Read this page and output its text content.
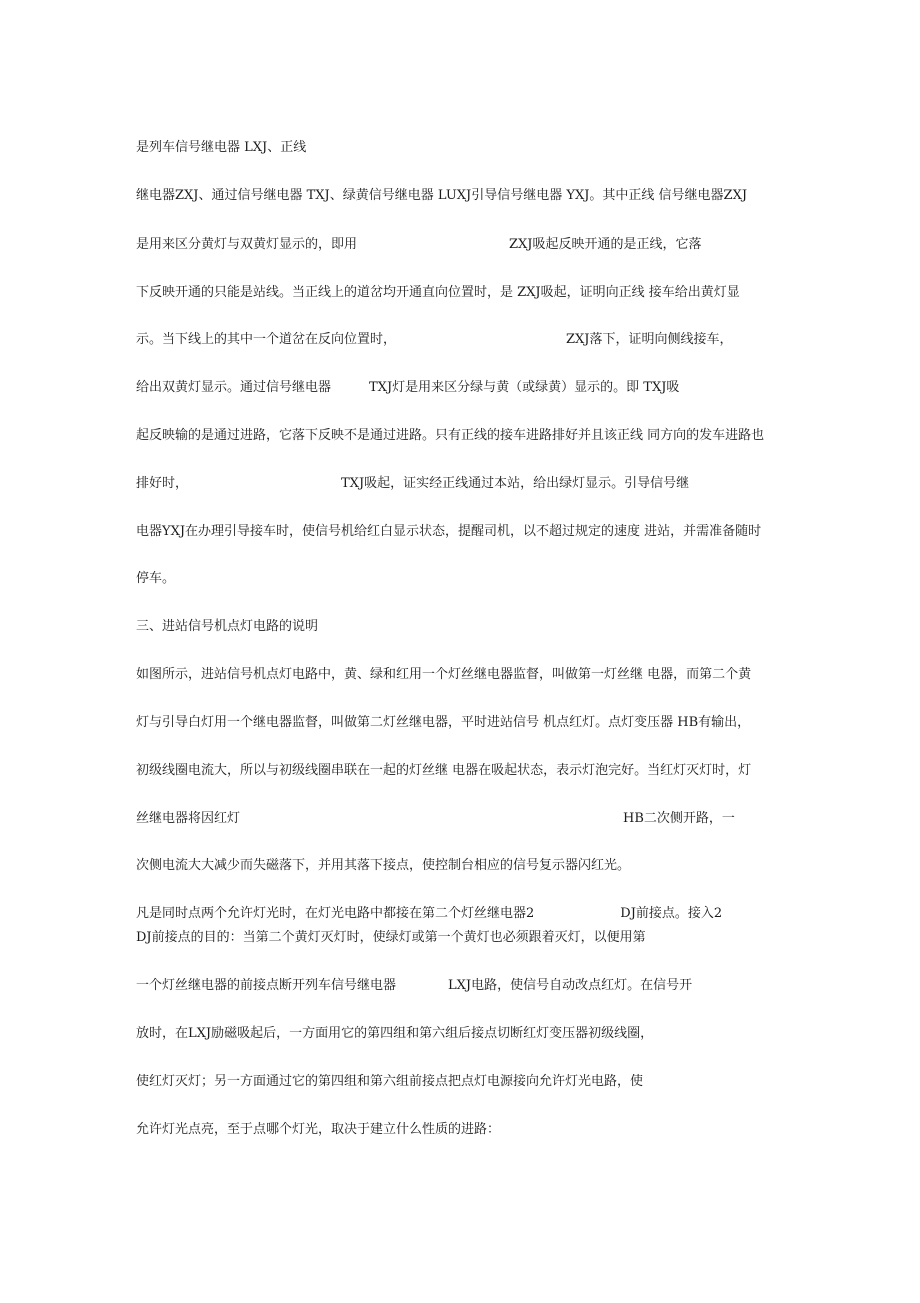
是列车信号继电器 LXJ、正线

继电器ZXJ、通过信号继电器 TXJ、绿黄信号继电器 LUXJ引导信号继电器 YXJ。其中正线 信号继电器ZXJ

是用来区分黄灯与双黄灯显示的，即用	ZXJ吸起反映开通的是正线，它落

下反映开通的只能是站线。当正线上的道岔均开通直向位置时，是 ZXJ吸起，证明向正线 接车给出黄灯显

示。当下线上的其中一个道岔在反向位置时，	ZXJ落下，证明向侧线接车，

给出双黄灯显示。通过信号继电器	TXJ灯是用来区分绿与黄（或绿黄）显示的。即 TXJ吸

起反映输的是通过进路，它落下反映不是通过进路。只有正线的接车进路排好并且该正线 同方向的发车进路也

排好时，	TXJ吸起，证实经正线通过本站，给出绿灯显示。引导信号继

电器YXJ在办理引导接车时，使信号机给红白显示状态，提醒司机，以不超过规定的速度 进站，并需准备随时

停车。

三、进站信号机点灯电路的说明

如图所示，进站信号机点灯电路中，黄、绿和红用一个灯丝继电器监督，叫做第一灯丝继 电器，而第二个黄

灯与引导白灯用一个继电器监督，叫做第二灯丝继电器，平时进站信号 机点红灯。点灯变压器 HB有输出，

初级线圈电流大，所以与初级线圈串联在一起的灯丝继 电器在吸起状态，表示灯泡完好。当红灯灭灯时，灯

丝继电器将因红灯	HB二次侧开路，一

次侧电流大大减少而失磁落下，并用其落下接点，使控制台相应的信号复示器闪红光。

凡是同时点两个允许灯光时，在灯光电路中都接在第二个灯丝继电器2	DJ前接点。接入2

DJ前接点的目的：当第二个黄灯灭灯时，使绿灯或第一个黄灯也必须跟着灭灯，以便用第

一个灯丝继电器的前接点断开列车信号继电器	LXJ电路，使信号自动改点红灯。在信号开

放时，在LXJ励磁吸起后，一方面用它的第四组和第六组后接点切断红灯变压器初级线圈，

使红灯灭灯；另一方面通过它的第四组和第六组前接点把点灯电源接向允许灯光电路，使

允许灯光点亮，至于点哪个灯光，取决于建立什么性质的进路：
